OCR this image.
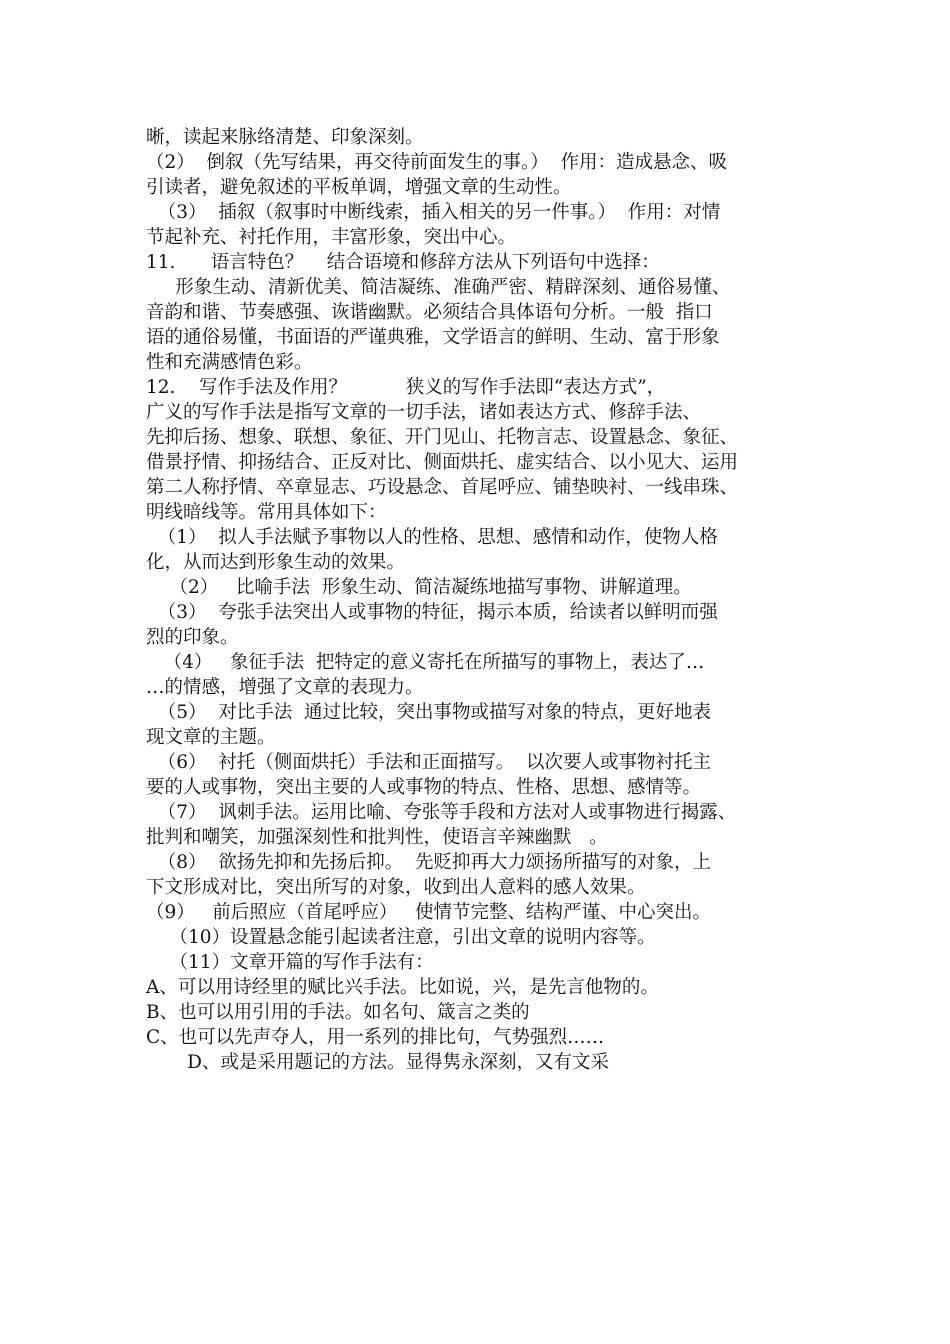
晰，读起来脉络清楚、印象深刻。
（2）  倒叙（先写结果，再交待前面发生的事。）  作用：造成悬念、吸
引读者，避免叙述的平板单调，增强文章的生动性。
（3）  插叙（叙事时中断线索，插入相关的另一件事。）  作用：对情
节起补充、衬托作用，丰富形象，突出中心。
11.      语言特色？    结合语境和修辞方法从下列语句中选择：
形象生动、清新优美、简洁凝练、准确严密、精辟深刻、通俗易懂、
音韵和谐、节奏感强、诙谐幽默。必须结合具体语句分析。一般  指口
语的通俗易懂，书面语的严谨典雅，文学语言的鲜明、生动、富于形象
性和充满感情色彩。
12.    写作手法及作用？          狭义的写作手法即“表达方式”，
广义的写作手法是指写文章的一切手法，诸如表达方式、修辞手法、
先抑后扬、想象、联想、象征、开门见山、托物言志、设置悬念、象征、
借景抒情、抑扬结合、正反对比、侧面烘托、虚实结合、以小见大、运用
第二人称抒情、卒章显志、巧设悬念、首尾呼应、铺垫映衬、一线串珠、
明线暗线等。常用具体如下：
（1）  拟人手法赋予事物以人的性格、思想、感情和动作，使物人格
化，从而达到形象生动的效果。
（2）   比喻手法  形象生动、简洁凝练地描写事物、讲解道理。
（3）  夸张手法突出人或事物的特征，揭示本质，给读者以鲜明而强
烈的印象。
（4）   象征手法  把特定的意义寄托在所描写的事物上，表达了…
…的情感，增强了文章的表现力。
（5）  对比手法  通过比较，突出事物或描写对象的特点，更好地表
现文章的主题。
（6）  衬托（侧面烘托）手法和正面描写。  以次要人或事物衬托主
要的人或事物，突出主要的人或事物的特点、性格、思想、感情等。
（7）  讽刺手法。运用比喻、夸张等手段和方法对人或事物进行揭露、
批判和嘲笑，加强深刻性和批判性，使语言辛辣幽默   。
（8）  欲扬先抑和先扬后抑。  先贬抑再大力颂扬所描写的对象，上
下文形成对比，突出所写的对象，收到出人意料的感人效果。
（9）   前后照应（首尾呼应）   使情节完整、结构严谨、中心突出。
（10）设置悬念能引起读者注意，引出文章的说明内容等。
（11）文章开篇的写作手法有：
A、可以用诗经里的赋比兴手法。比如说，兴，是先言他物的。
B、也可以用引用的手法。如名句、箴言之类的
C、也可以先声夺人，用一系列的排比句，气势强烈……
D、或是采用题记的方法。显得隽永深刻，又有文采
